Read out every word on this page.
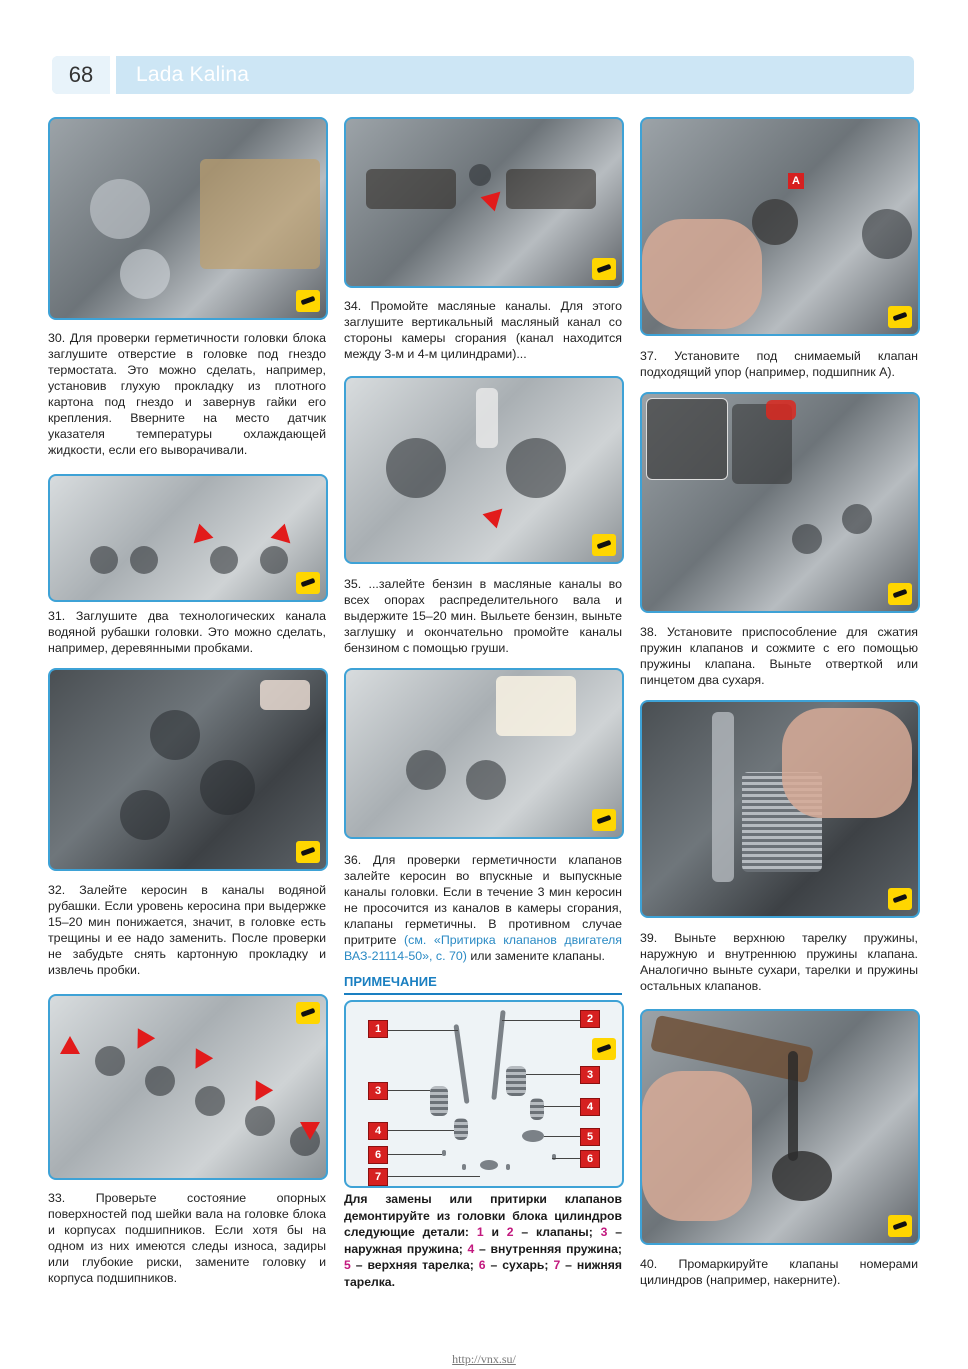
68	Lada Kalina
30. Для проверки герметичности головки блока заглушите отверстие в головке под гнездо термостата. Это можно сделать, например, установив глухую прокладку из плотного картона под гнездо и завернув гайки его крепления. Вверните на место датчик указателя температуры охлаждающей жидкости, если его выворачивали.
31. Заглушите два технологических канала водяной рубашки головки. Это можно сделать, например, деревянными пробками.
32. Залейте керосин в каналы водяной рубашки. Если уровень керосина при выдержке 15–20 мин понижается, значит, в головке есть трещины и ее надо заменить. После проверки не забудьте снять картонную прокладку и извлечь пробки.
33. Проверьте состояние опорных поверхностей под шейки вала на головке блока и корпусах подшипников. Если хотя бы на одном из них имеются следы износа, задиры или глубокие риски, замените головку и корпуса подшипников.
34. Промойте масляные каналы. Для этого заглушите вертикальный масляный канал со стороны камеры сгорания (канал находится между 3-м и 4-м цилиндрами)...
35. ...залейте бензин в масляные каналы во всех опорах распределительного вала и выдержите 15–20 мин. Выльете бензин, выньте заглушку и окончательно промойте каналы бензином с помощью груши.
36. Для проверки герметичности клапанов залейте керосин во впускные и выпускные каналы головки. Если в течение 3 мин керосин не просочится из каналов в камеры сгорания, клапаны герметичны. В противном случае притрите (см. «Притирка клапанов двигателя ВАЗ-21114-50», с. 70) или замените клапаны.
ПРИМЕЧАНИЕ
1
2
3
3
4
4
5
6	6
7
Для замены или притирки клапанов демонтируйте из головки блока цилиндров следующие детали: 1 и 2 – клапаны; 3 – наружная пружина; 4 – внутренняя пружина; 5 – верхняя тарелка; 6 – сухарь; 7 – нижняя тарелка.
A
37. Установите под снимаемый клапан подходящий упор (например, подшипник А).
38. Установите приспособление для сжатия пружин клапанов и сожмите с его помощью пружины клапана. Выньте отверткой или пинцетом два сухаря.
39. Выньте верхнюю тарелку пружины, наружную и внутреннюю пружины клапана. Аналогично выньте сухари, тарелки и пружины остальных клапанов.
40. Промаркируйте клапаны номерами цилиндров (например, накерните).
http://vnx.su/
